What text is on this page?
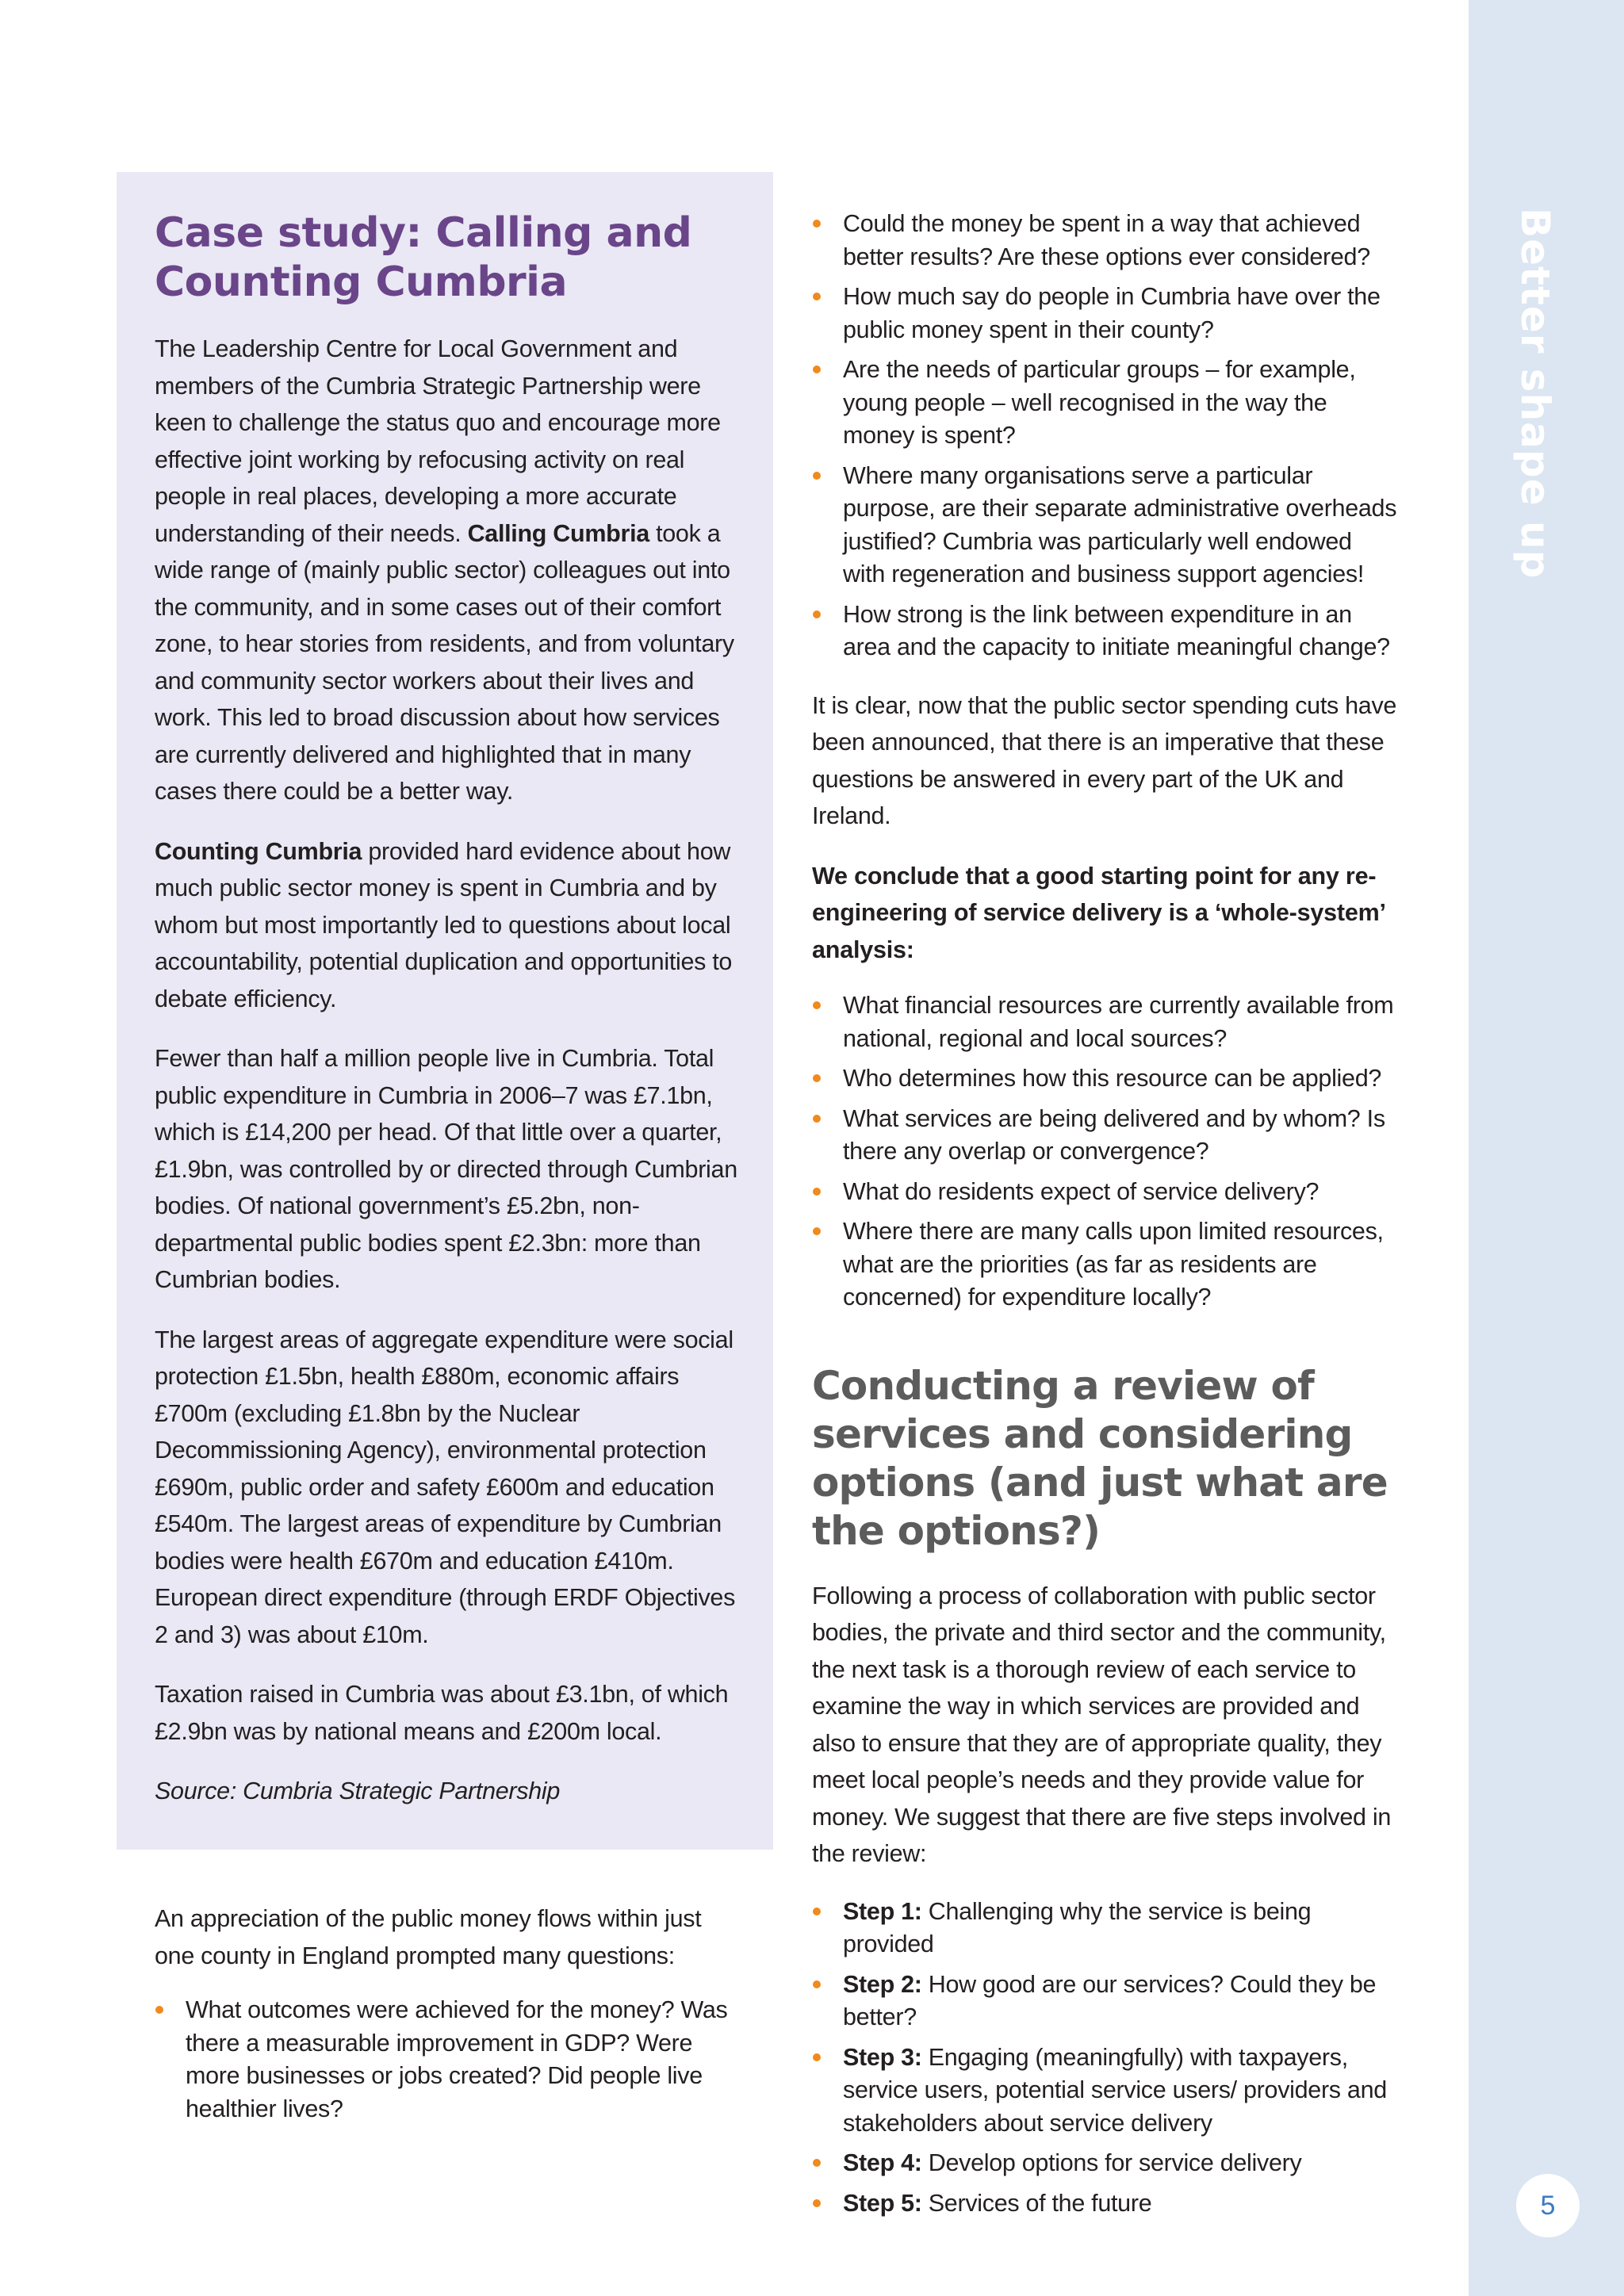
Case study: Calling and Counting Cumbria

The Leadership Centre for Local Government and members of the Cumbria Strategic Partnership were keen to challenge the status quo and encourage more effective joint working by refocusing activity on real people in real places, developing a more accurate understanding of their needs. Calling Cumbria took a wide range of (mainly public sector) colleagues out into the community, and in some cases out of their comfort zone, to hear stories from residents, and from voluntary and community sector workers about their lives and work. This led to broad discussion about how services are currently delivered and highlighted that in many cases there could be a better way.

Counting Cumbria provided hard evidence about how much public sector money is spent in Cumbria and by whom but most importantly led to questions about local accountability, potential duplication and opportunities to debate efficiency.

Fewer than half a million people live in Cumbria. Total public expenditure in Cumbria in 2006–7 was £7.1bn, which is £14,200 per head. Of that little over a quarter, £1.9bn, was controlled by or directed through Cumbrian bodies. Of national government’s £5.2bn, non-departmental public bodies spent £2.3bn: more than Cumbrian bodies.

The largest areas of aggregate expenditure were social protection £1.5bn, health £880m, economic affairs £700m (excluding £1.8bn by the Nuclear Decommissioning Agency), environmental protection £690m, public order and safety £600m and education £540m. The largest areas of expenditure by Cumbrian bodies were health £670m and education £410m. European direct expenditure (through ERDF Objectives 2 and 3) was about £10m.

Taxation raised in Cumbria was about £3.1bn, of which £2.9bn was by national means and £200m local.

Source: Cumbria Strategic Partnership

An appreciation of the public money flows within just one county in England prompted many questions:

What outcomes were achieved for the money? Was there a measurable improvement in GDP? Were more businesses or jobs created? Did people live healthier lives?
Could the money be spent in a way that achieved better results? Are these options ever considered?
How much say do people in Cumbria have over the public money spent in their county?
Are the needs of particular groups – for example, young people – well recognised in the way the money is spent?
Where many organisations serve a particular purpose, are their separate administrative overheads justified? Cumbria was particularly well endowed with regeneration and business support agencies!
How strong is the link between expenditure in an area and the capacity to initiate meaningful change?

It is clear, now that the public sector spending cuts have been announced, that there is an imperative that these questions be answered in every part of the UK and Ireland.

We conclude that a good starting point for any re-engineering of service delivery is a ‘whole-system’ analysis:

What financial resources are currently available from national, regional and local sources?
Who determines how this resource can be applied?
What services are being delivered and by whom? Is there any overlap or convergence?
What do residents expect of service delivery?
Where there are many calls upon limited resources, what are the priorities (as far as residents are concerned) for expenditure locally?
Conducting a review of services and considering options (and just what are the options?)

Following a process of collaboration with public sector bodies, the private and third sector and the community, the next task is a thorough review of each service to examine the way in which services are provided and also to ensure that they are of appropriate quality, they meet local people’s needs and they provide value for money. We suggest that there are five steps involved in the review:

Step 1: Challenging why the service is being provided
Step 2: How good are our services? Could they be better?
Step 3: Engaging (meaningfully) with taxpayers, service users, potential service users/ providers and stakeholders about service delivery
Step 4: Develop options for service delivery
Step 5: Services of the future
Better shape up
5
